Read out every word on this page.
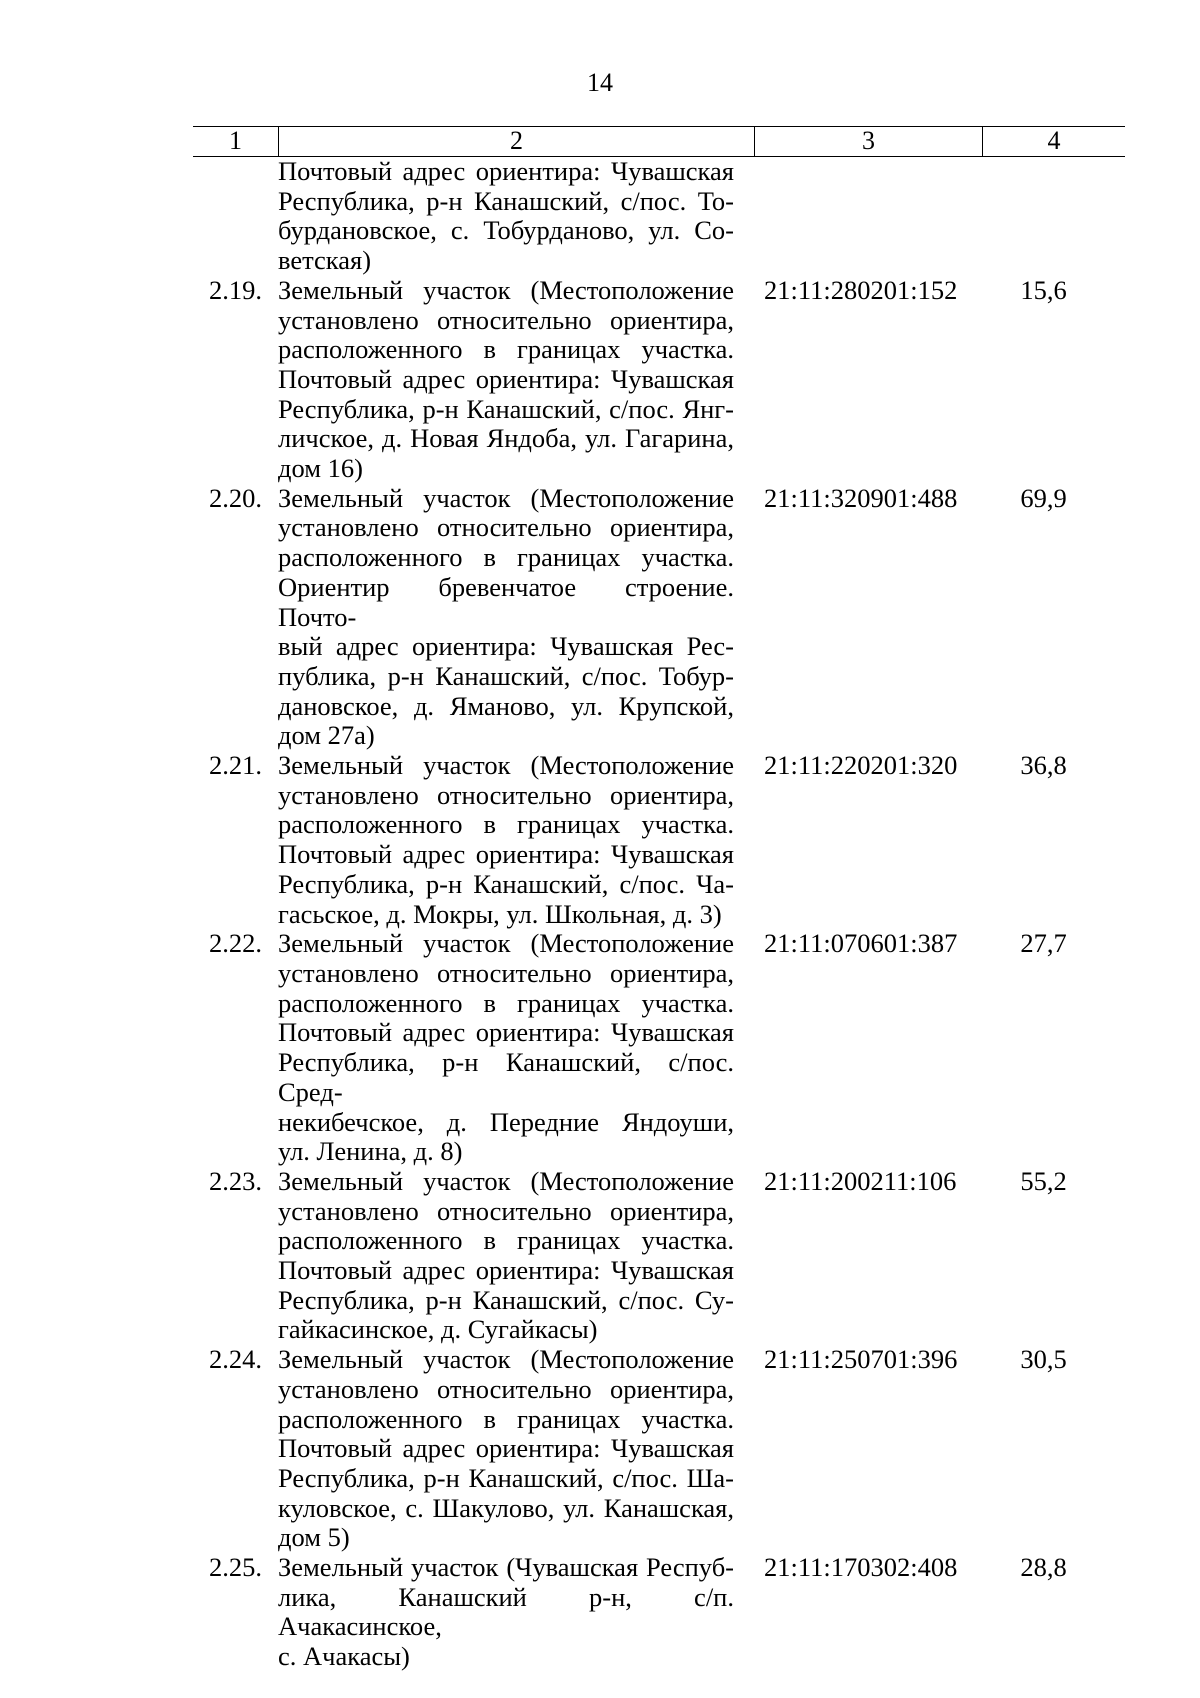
14
1	2	3	4
Почтовый адрес ориентира: Чувашская
Республика, р-н Канашский, с/пос. То-
бурдановское, с. Тобурданово, ул. Со-
ветская)
2.19. Земельный участок (Местоположение
установлено относительно ориентира,
расположенного в границах участка.
Почтовый адрес ориентира: Чувашская
Республика, р-н Канашский, с/пос. Янг-
личское, д. Новая Яндоба, ул. Гагарина,
дом 16)
21:11:280201:152	15,6
2.20. Земельный участок (Местоположение
установлено относительно ориентира,
расположенного в границах участка.
Ориентир бревенчатое строение. Почто-
вый адрес ориентира: Чувашская Рес-
публика, р-н Канашский, с/пос. Тобур-
дановское, д. Яманово, ул. Крупской,
дом 27а)
21:11:320901:488	69,9
2.21. Земельный участок (Местоположение
установлено относительно ориентира,
расположенного в границах участка.
Почтовый адрес ориентира: Чувашская
Республика, р-н Канашский, с/пос. Ча-
гасьское, д. Мокры, ул. Школьная, д. 3)
21:11:220201:320	36,8
2.22. Земельный участок (Местоположение
установлено относительно ориентира,
расположенного в границах участка.
Почтовый адрес ориентира: Чувашская
Республика, р-н Канашский, с/пос. Сред-
некибечское, д. Передние Яндоуши,
ул. Ленина, д. 8)
21:11:070601:387	27,7
2.23. Земельный участок (Местоположение
установлено относительно ориентира,
расположенного в границах участка.
Почтовый адрес ориентира: Чувашская
Республика, р-н Канашский, с/пос. Су-
гайкасинское, д. Сугайкасы)
21:11:200211:106	55,2
2.24. Земельный участок (Местоположение
установлено относительно ориентира,
расположенного в границах участка.
Почтовый адрес ориентира: Чувашская
Республика, р-н Канашский, с/пос. Ша-
куловское, с. Шакулово, ул. Канашская,
дом 5)
21:11:250701:396	30,5
2.25. Земельный участок (Чувашская Респуб-
лика, Канашский р-н, с/п. Ачакасинское,
с. Ачакасы)
21:11:170302:408	28,8
